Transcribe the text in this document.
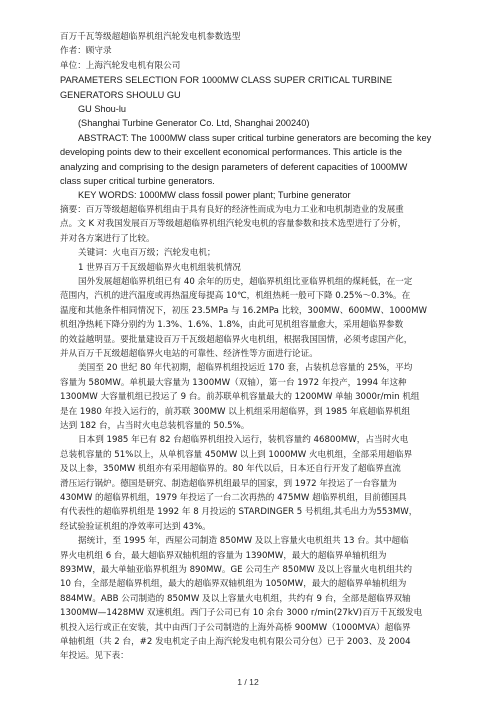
百万千瓦等级超超临界机组汽轮发电机参数选型
作者：顾守录
单位：上海汽轮发电机有限公司
PARAMETERS SELECTION FOR 1000MW CLASS SUPER CRITICAL TURBINE
GENERATORS SHOULU GU
GU Shou-lu
(Shanghai Turbine Generator Co. Ltd, Shanghai 200240)
ABSTRACT: The 1000MW class super critical turbine generators are becoming the key
developing points dew to their excellent economical performances. This article is the
analyzing and comprising to the design parameters of deferent capacities of 1000MW
class super critical turbine generators.
KEY WORDS: 1000MW class fossil power plant; Turbine generator
摘要：百万等级超超临界机组由于具有良好的经济性而成为电力工业和电机制造业的发展重
点。文 K 对我国发展百万等级超超临界机组汽轮发电机的容量参数和技术选型进行了分析，
并对各方案进行了比较。
关键词：火电百万级；汽轮发电机；
1 世界百万千瓦级超临界火电机组装机情况
国外发展超超临界机组已有 40 余年的历史，超临界机组比亚临界机组的煤耗低，在一定
范围内，汽机的进汽温度或再热温度每提高 10℃，机组热耗一般可下降 0.25%～0.3%。在
温度和其他条件相同情况下，初压 23.5MPa 与 16.2MPa 比较，300MW、600MW、1000MW
机组净热耗下降分别约为 1.3%、1.6%、1.8%，由此可见机组容量愈大，采用超临界参数
的效益越明显。要批量建设百万千瓦级超超临界火电机组，根据我国国情，必须考虑国产化，
并从百万千瓦级超超临界火电站的可靠性、经济性等方面进行论证。
美国至 20 世纪 80 年代初期，超临界机组投运近 170 套，占装机总容量的 25%，平均
容量为 580MW。单机最大容量为 1300MW（双轴），第一台 1972 年投产，1994 年这种
1300MW 大容量机组已投运了 9 台。前苏联单机容量最大的 1200MW 单轴 3000r/min 机组
是在 1980 年投入运行的，前苏联 300MW 以上机组采用超临界，到 1985 年底超临界机组
达到 182 台，占当时火电总装机容量的 50.5%。
日本到 1985 年已有 82 台超临界机组投入运行，装机容量约 46800MW，占当时火电
总装机容量的 51%以上，从单机容量 450MW 以上到 1000MW 火电机组，全部采用超临界
及以上参，350MW 机组亦有采用超临界的。80 年代以后，日本还自行开发了超临界直流
滑压运行锅炉。德国是研究、制造超临界机组最早的国家，到 1972 年投运了一台容量为
430MW 的超临界机组，1979 年投运了一台二次再热的 475MW 超临界机组，目前德国具
有代表性的超临界机组是 1992 年 8 月投运的 STARDINGER 5 号机组,其毛出力为553MW，
经试验验证机组的净效率可达到 43%。
据统计，至 1995 年，西屋公司制造 850MW 及以上容量火电机组共 13 台。其中超临
界火电机组 6 台，最大超临界双轴机组的容量为 1390MW，最大的超临界单轴机组为
893MW，最大单轴亚临界机组为 890MW。GE 公司生产 850MW 及以上容量火电机组共约
10 台，全部是超临界机组，最大的超临界双轴机组为 1050MW，最大的超临界单轴机组为
884MW。ABB 公司制造的 850MW 及以上容量火电机组，共约有 9 台，全部是超临界双轴
1300MW—1428MW 双速机组。西门子公司已有 10 余台 3000 r/min(27kV)百万千瓦级发电
机投入运行或正在安装，其中由西门子公司制造的上海外高桥 900MW（1000MVA）超临界
单轴机组（共 2 台，#2 发电机定子由上海汽轮发电机有限公司分包）已于 2003、及 2004
年投运。见下表：
1 / 12
